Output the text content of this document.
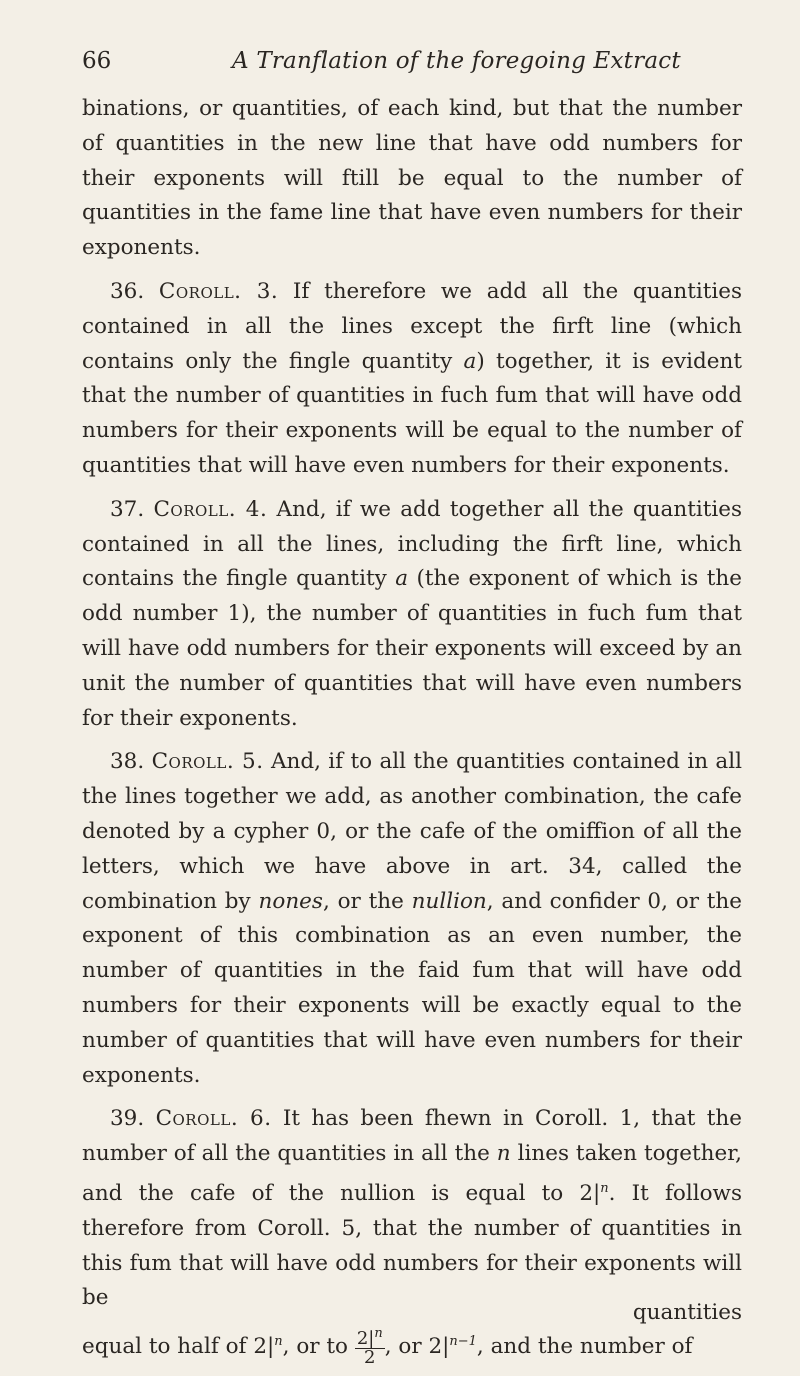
66	A Tranflation of the foregoing Extract

binations, or quantities, of each kind, but that the number of quantities in the new line that have odd numbers for their exponents will ftill be equal to the number of quantities in the fame line that have even numbers for their exponents.

36. Coroll. 3. If therefore we add all the quantities contained in all the lines except the firft line (which contains only the fingle quantity a) together, it is evident that the number of quantities in fuch fum that will have odd numbers for their exponents will be equal to the number of quantities that will have even numbers for their exponents.

37. Coroll. 4. And, if we add together all the quantities contained in all the lines, including the firft line, which contains the fingle quantity a (the exponent of which is the odd number 1), the number of quantities in fuch fum that will have odd numbers for their exponents will exceed by an unit the number of quantities that will have even numbers for their exponents.

38. Coroll. 5. And, if to all the quantities contained in all the lines together we add, as another combination, the cafe denoted by a cypher 0, or the cafe of the omiffion of all the letters, which we have above in art. 34, called the combination by nones, or the nullion, and confider 0, or the exponent of this combination as an even number, the number of quantities in the faid fum that will have odd numbers for their exponents will be exactly equal to the number of quantities that will have even numbers for their exponents.

39. Coroll. 6. It has been fhewn in Coroll. 1, that the number of all the quantities in all the n lines taken together, and the cafe of the nullion is equal to $2|^n$. It follows therefore from Coroll. 5, that the number of quantities in this fum that will have odd numbers for their exponents will be

equal to half of $2|^n$, or to $\frac{2|^n}{2}$ , or $2|^{n-1}$, and the number of

quantities
